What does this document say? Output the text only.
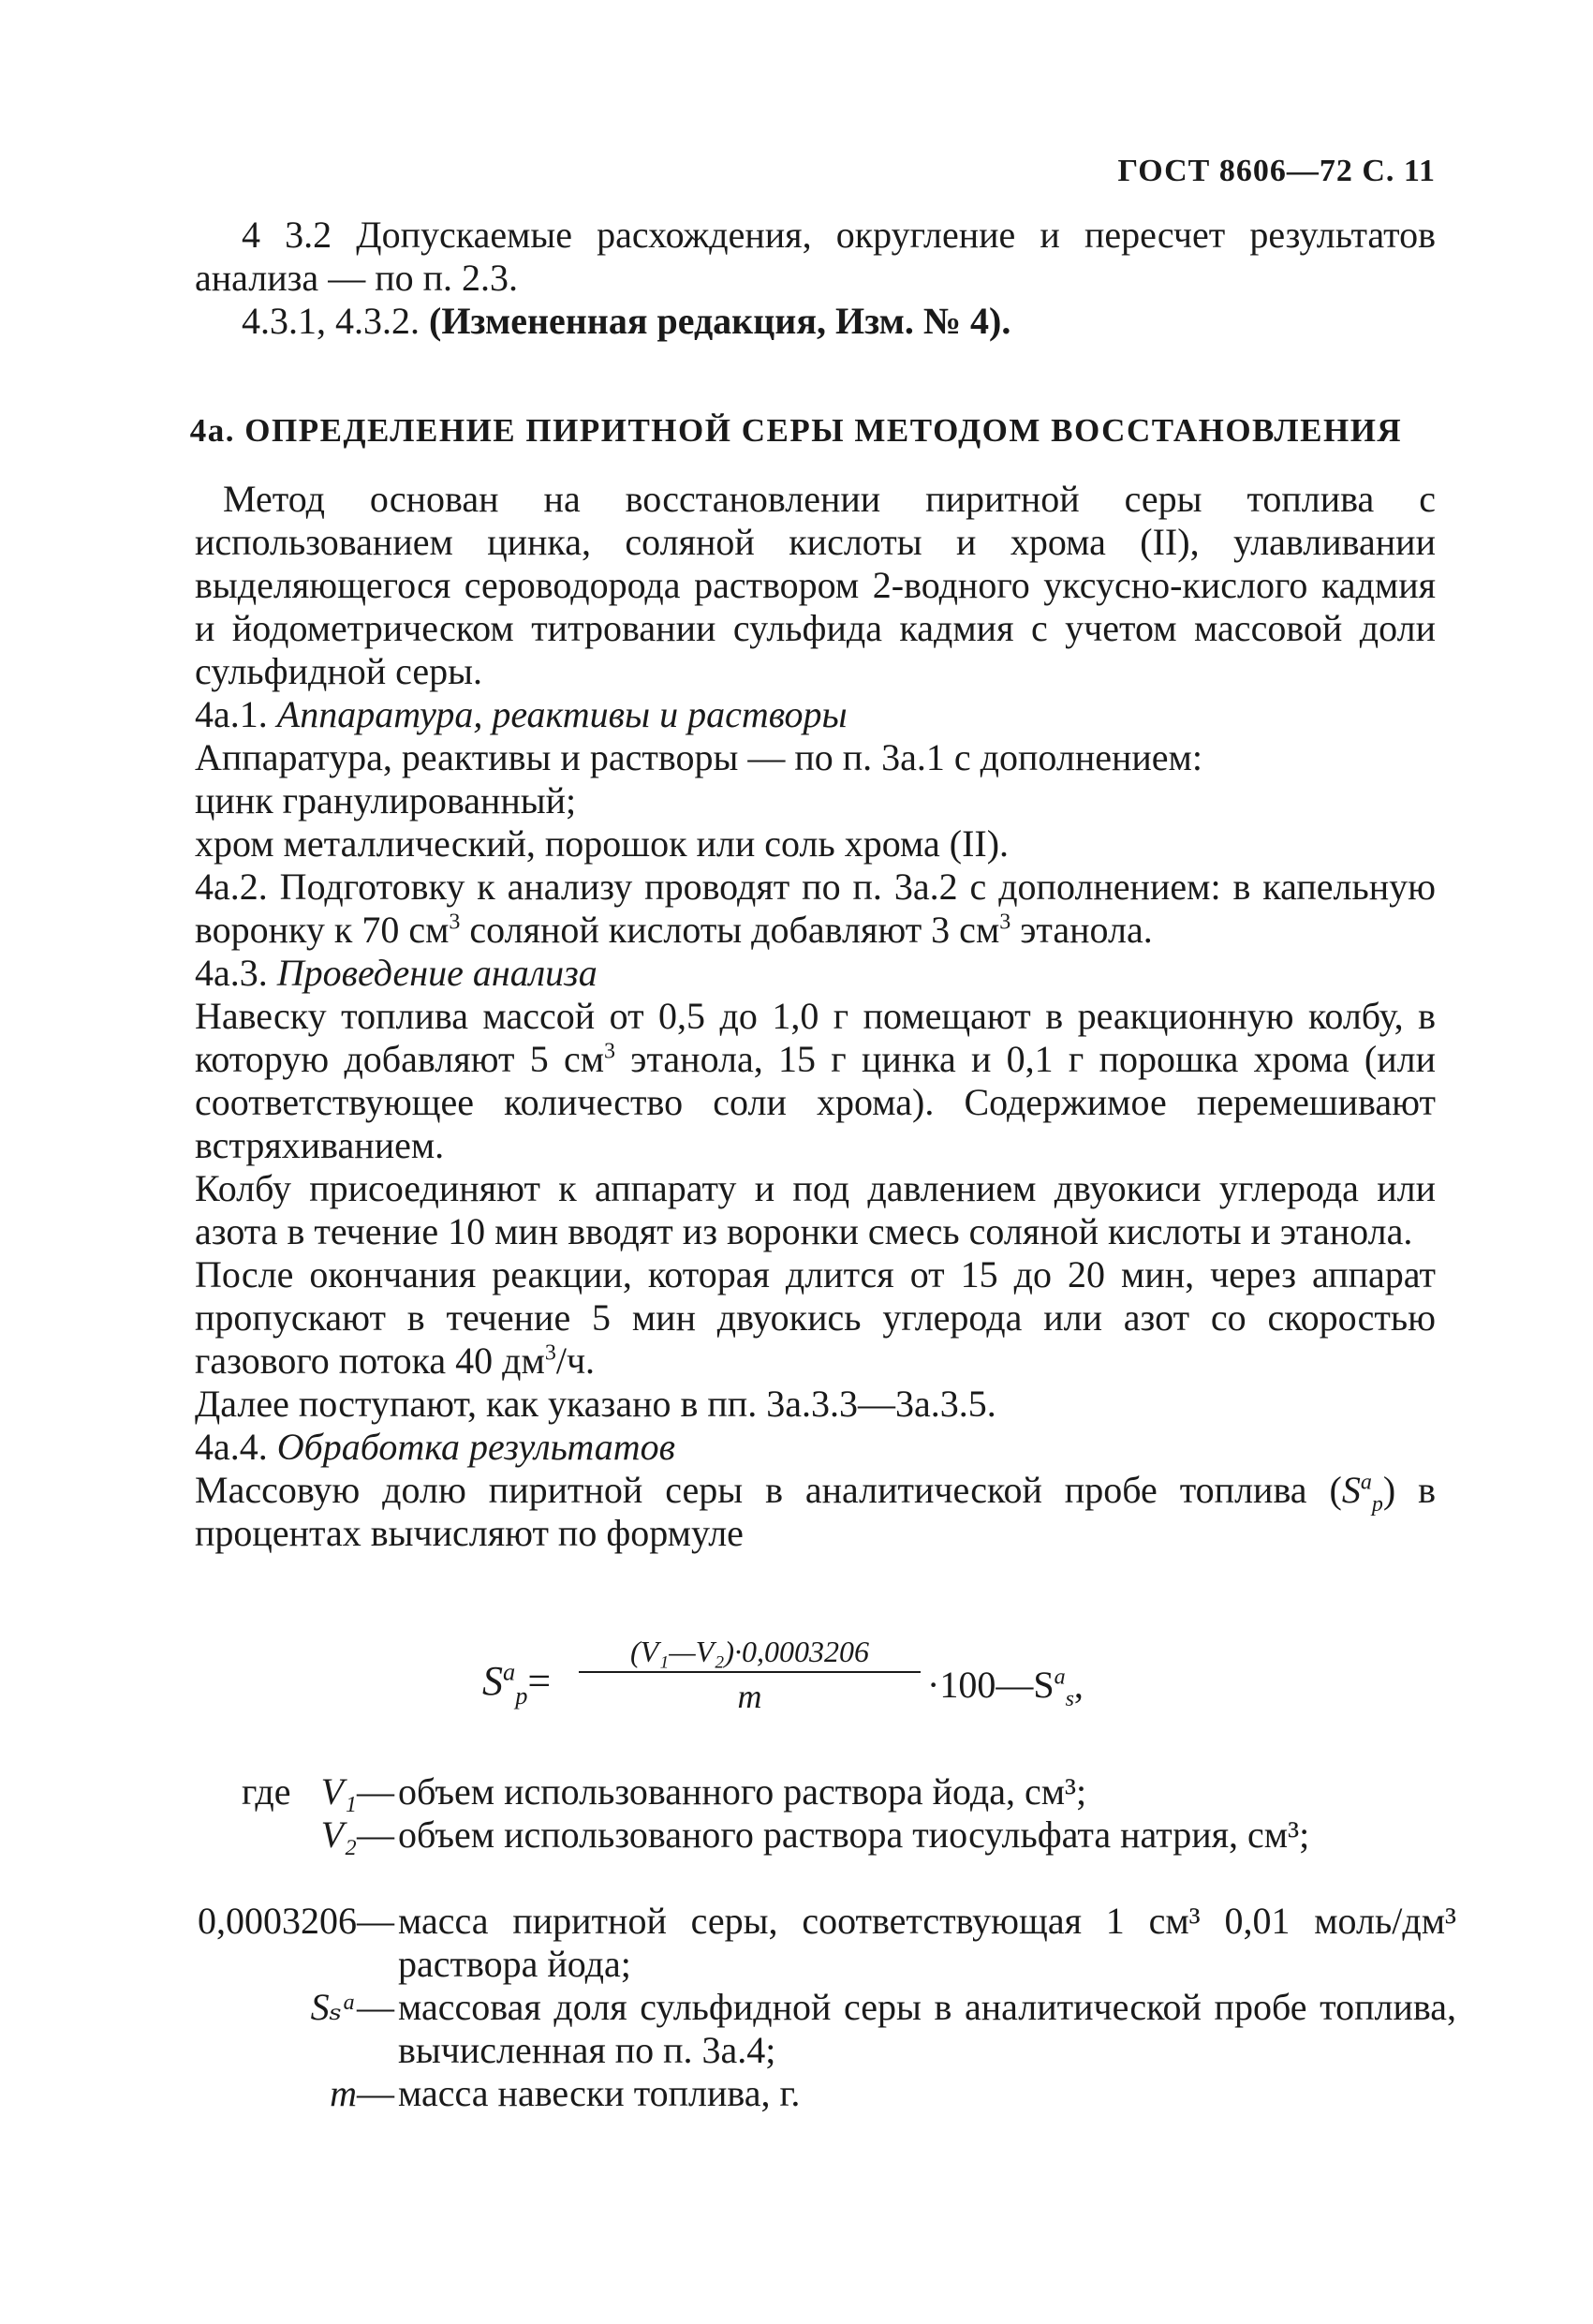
ГОСТ 8606—72 С. 11

4 3.2 Допускаемые расхождения, округление и пересчет результатов анализа — по п. 2.3.

4.3.1, 4.3.2. (Измененная редакция, Изм. № 4).

4а. ОПРЕДЕЛЕНИЕ ПИРИТНОЙ СЕРЫ МЕТОДОМ ВОССТАНОВЛЕНИЯ

Метод основан на восстановлении пиритной серы топлива с использованием цинка, соляной кислоты и хрома (II), улавливании выделяющегося сероводорода раствором 2-водного уксусно-кислого кадмия и йодометрическом титровании сульфида кадмия с учетом массовой доли сульфидной серы.

4а.1. Аппаратура, реактивы и растворы

Аппаратура, реактивы и растворы — по п. 3а.1 с дополнением:

цинк гранулированный;

хром металлический, порошок или соль хрома (II).

4а.2. Подготовку к анализу проводят по п. 3а.2 с дополнением: в капельную воронку к 70 $см^3$ соляной кислоты добавляют 3 $см^3$ этанола.

4а.3. Проведение анализа

Навеску топлива массой от 0,5 до 1,0 г помещают в реакционную колбу, в которую добавляют 5 $см^3$ этанола, 15 г цинка и 0,1 г порошка хрома (или соответствующее количество соли хрома). Содержимое перемешивают встряхиванием.

Колбу присоединяют к аппарату и под давлением двуокиси углерода или азота в течение 10 мин вводят из воронки смесь соляной кислоты и этанола.

После окончания реакции, которая длится от 15 до 20 мин, через аппарат пропускают в течение 5 мин двуокись углерода или азот со скоростью газового потока 40 $дм^3/ч$.

Далее поступают, как указано в пп. 3а.3.3—3а.3.5.

4а.4. Обработка результатов

Массовую долю пиритной серы в аналитической пробе топлива $(S^а_р)$ в процентах вычисляют по формуле

$S^а_р=$
(V₁—V₂)·0,0003206
m	$\cdot 100—S^а_s$,
где V₁— объем использованного раствора йода, см³;
V₂— объем использованого раствора тиосульфата натрия, см³;
0,0003206— масса пиритной серы, соответствующая 1 см³ 0,01 моль/дм³ раствора йода;
Sₛᵃ— массовая доля сульфидной серы в аналитической пробе топлива, вычисленная по п. 3а.4;
m— масса навески топлива, г.
